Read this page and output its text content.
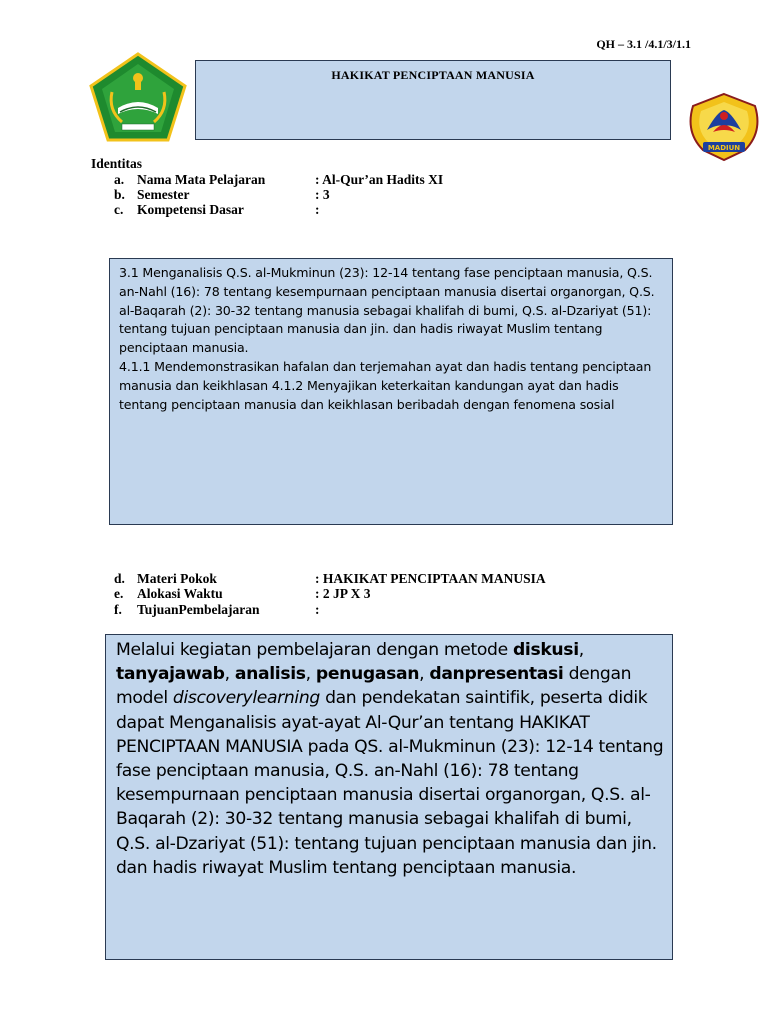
QH – 3.1 /4.1/3/1.1
MADIUN
HAKIKAT PENCIPTAAN MANUSIA
Identitas
a. Nama Mata Pelajaran	: Al-Qur’an Hadits XI
b. Semester	: 3
c. Kompetensi Dasar	:

3.1 Menganalisis Q.S. al-Mukminun (23): 12-14 tentang fase penciptaan manusia, Q.S. an-Nahl (16): 78 tentang kesempurnaan penciptaan manusia disertai organorgan, Q.S. al-Baqarah (2): 30-32 tentang manusia sebagai khalifah di bumi, Q.S. al-Dzariyat (51): tentang tujuan penciptaan manusia dan jin. dan hadis riwayat Muslim tentang penciptaan manusia.

4.1.1 Mendemonstrasikan hafalan dan terjemahan ayat dan hadis tentang penciptaan manusia dan keikhlasan 4.1.2 Menyajikan keterkaitan kandungan ayat dan hadis tentang penciptaan manusia dan keikhlasan beribadah dengan fenomena sosial

d. Materi Pokok	: HAKIKAT PENCIPTAAN MANUSIA
e. Alokasi Waktu	: 2 JP X 3
f. TujuanPembelajaran	:
Melalui kegiatan pembelajaran dengan metode diskusi, tanyajawab, analisis, penugasan, danpresentasi dengan model discoverylearning dan pendekatan saintifik, peserta didik dapat Menganalisis ayat-ayat Al-Qur’an tentang HAKIKAT PENCIPTAAN MANUSIA pada QS. al-Mukminun (23): 12-14 tentang fase penciptaan manusia, Q.S. an-Nahl (16): 78 tentang kesempurnaan penciptaan manusia disertai organorgan, Q.S. al-Baqarah (2): 30-32 tentang manusia sebagai khalifah di bumi, Q.S. al-Dzariyat (51): tentang tujuan penciptaan manusia dan jin. dan hadis riwayat Muslim tentang penciptaan manusia.
